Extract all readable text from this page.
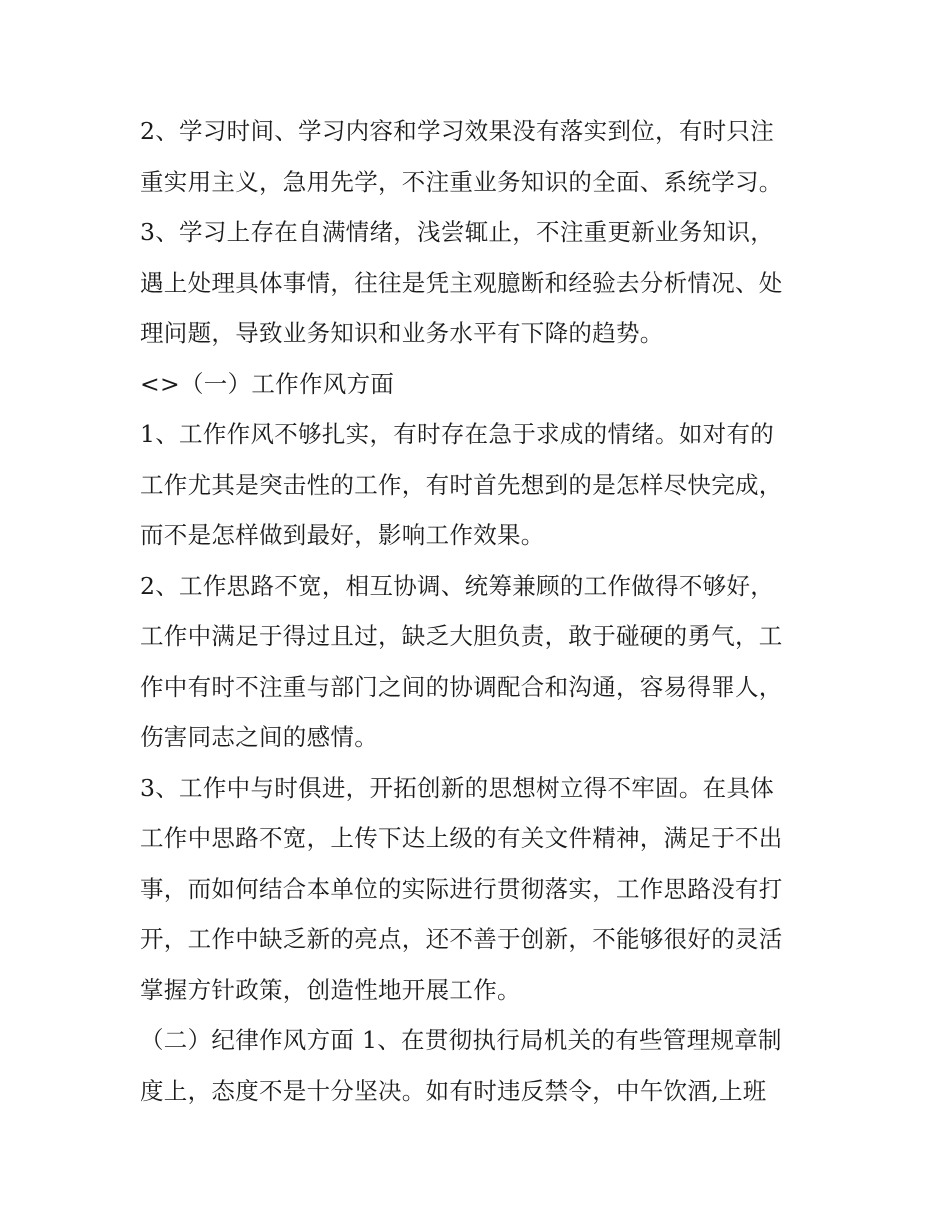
2、学习时间、学习内容和学习效果没有落实到位，有时只注
重实用主义，急用先学，不注重业务知识的全面、系统学习。
3、学习上存在自满情绪，浅尝辄止，不注重更新业务知识，
遇上处理具体事情，往往是凭主观臆断和经验去分析情况、处
理问题，导致业务知识和业务水平有下降的趋势。
<>（一）工作作风方面
1、工作作风不够扎实，有时存在急于求成的情绪。如对有的
工作尤其是突击性的工作，有时首先想到的是怎样尽快完成，
而不是怎样做到最好，影响工作效果。
2、工作思路不宽，相互协调、统筹兼顾的工作做得不够好，
工作中满足于得过且过，缺乏大胆负责，敢于碰硬的勇气，工
作中有时不注重与部门之间的协调配合和沟通，容易得罪人，
伤害同志之间的感情。
3、工作中与时俱进，开拓创新的思想树立得不牢固。在具体
工作中思路不宽，上传下达上级的有关文件精神，满足于不出
事，而如何结合本单位的实际进行贯彻落实，工作思路没有打
开，工作中缺乏新的亮点，还不善于创新，不能够很好的灵活
掌握方针政策，创造性地开展工作。
（二）纪律作风方面 1、在贯彻执行局机关的有些管理规章制
度上，态度不是十分坚决。如有时违反禁令，中午饮酒,上班
